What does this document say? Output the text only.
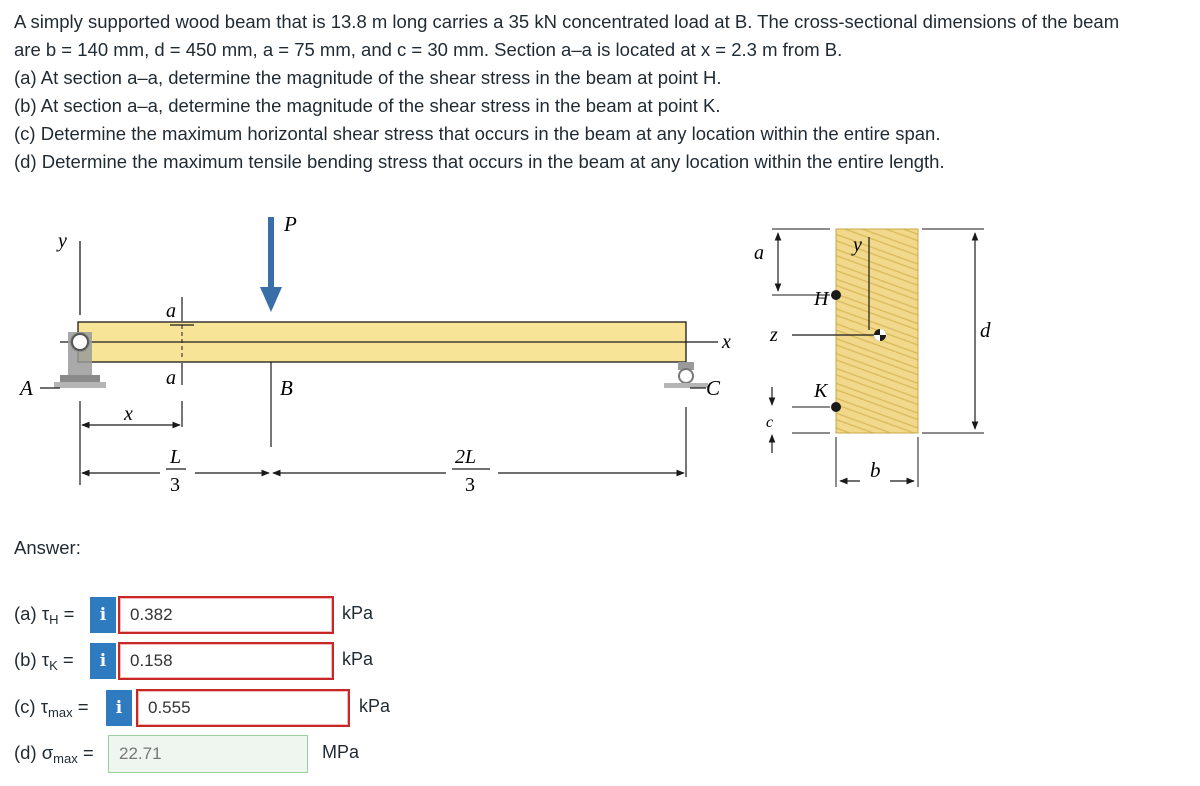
A simply supported wood beam that is 13.8 m long carries a 35 kN concentrated load at B. The cross-sectional dimensions of the beam

are b = 140 mm, d = 450 mm, a = 75 mm, and c = 30 mm. Section a–a is located at x = 2.3 m from B.

(a) At section a–a, determine the magnitude of the shear stress in the beam at point H.

(b) At section a–a, determine the magnitude of the shear stress in the beam at point K.

(c) Determine the maximum horizontal shear stress that occurs in the beam at any location within the entire span.

(d) Determine the maximum tensile bending stress that occurs in the beam at any location within the entire length.

y
x
A	C
a
a
P
B
x
L
3
2L
3
y
z
H
K
a
c
d
b
Answer:
(a) $\tau_H$ =	i
0.382	kPa
(b) $\tau_K$ =	i
0.158	kPa
(c) $\tau_{max}$ =	i
0.555	kPa
(d) $\sigma_{max}$ =
22.71	MPa
